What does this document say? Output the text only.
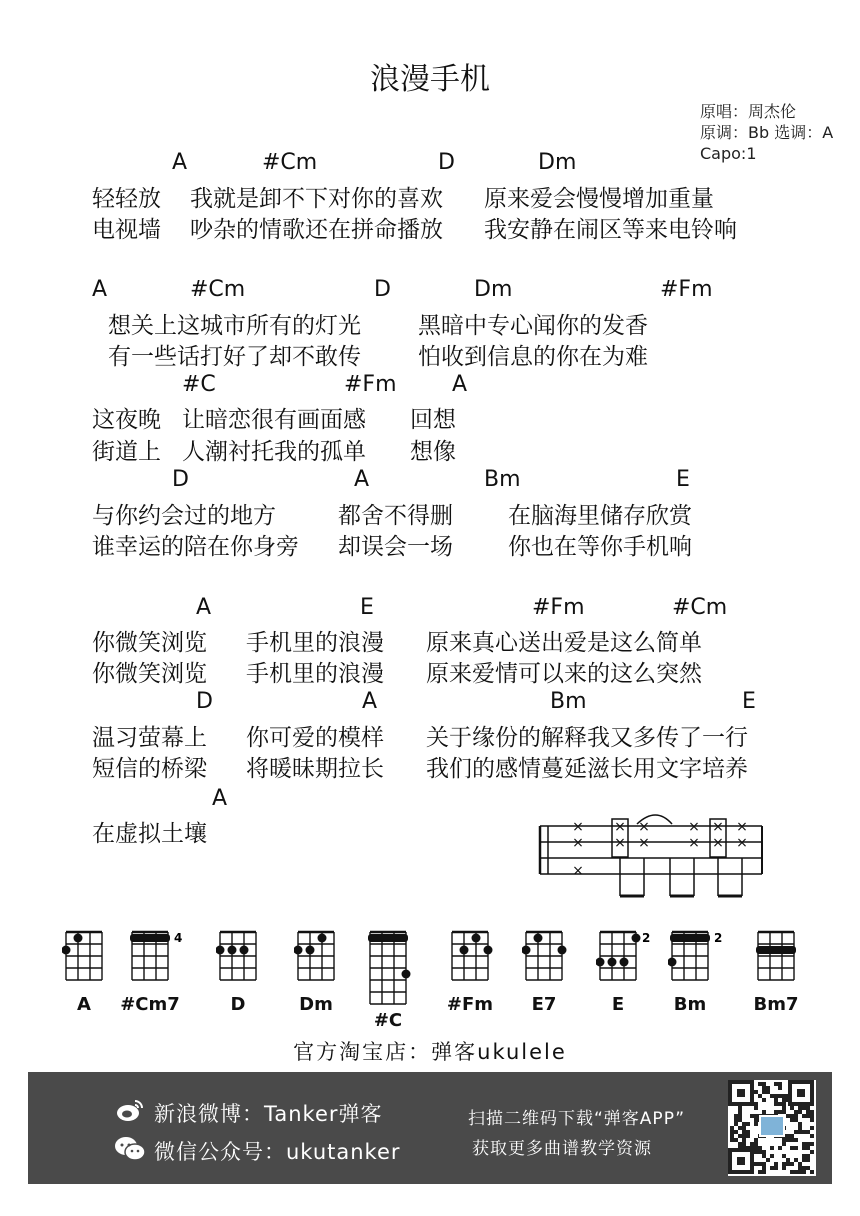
浪漫手机
原唱：周杰伦
原调：Bb 选调：A
Capo:1
A	#Cm	D	Dm
轻轻放 我就是卸不下对你的喜欢 原来爱会慢慢增加重量
电视墙 吵杂的情歌还在拼命播放 我安静在闹区等来电铃响
A	#Cm	D	Dm	#Fm
想关上这城市所有的灯光 黑暗中专心闻你的发香
有一些话打好了却不敢传 怕收到信息的你在为难
#C	#Fm	A
这夜晚 让暗恋很有画面感 回想
街道上 人潮衬托我的孤单 想像
D	A	Bm	E
与你约会过的地方	都舍不得删 在脑海里储存欣赏
谁幸运的陪在你身旁 却误会一场 你也在等你手机响
A	E	#Fm	#Cm
你微笑浏览 手机里的浪漫 原来真心送出爱是这么简单
你微笑浏览 手机里的浪漫 原来爱情可以来的这么突然
D	A	Bm	E
温习萤幕上 你可爱的模样 关于缘份的解释我又多传了一行
短信的桥梁 将暖昧期拉长 我们的感情蔓延滋长用文字培养
A
在虚拟土壤	×
×
×
×
×
×
×
×
×
×
×
×
×
A
4
#Cm7	D	Dm
#C
#Fm	E7
2
E
2
Bm	Bm7
官方淘宝店：弹客ukulele
新浪微博：Tanker弹客
微信公众号：ukutanker
扫描二维码下载“弹客APP”
获取更多曲谱教学资源
